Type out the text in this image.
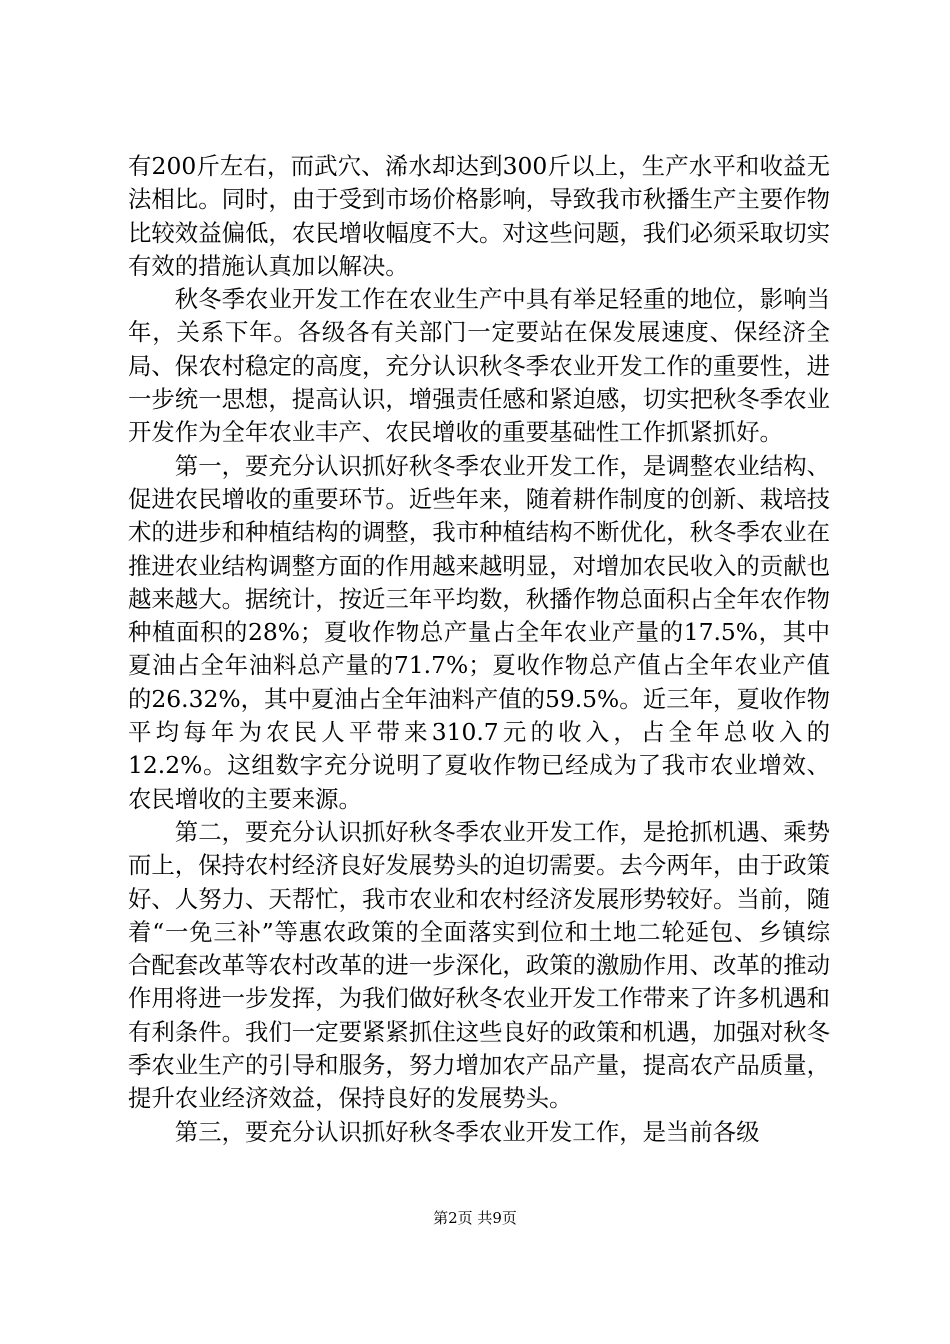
有200斤左右，而武穴、浠水却达到300斤以上，生产水平和收益无法相比。同时，由于受到市场价格影响，导致我市秋播生产主要作物比较效益偏低，农民增收幅度不大。对这些问题，我们必须采取切实有效的措施认真加以解决。

秋冬季农业开发工作在农业生产中具有举足轻重的地位，影响当年，关系下年。各级各有关部门一定要站在保发展速度、保经济全局、保农村稳定的高度，充分认识秋冬季农业开发工作的重要性，进一步统一思想，提高认识，增强责任感和紧迫感，切实把秋冬季农业开发作为全年农业丰产、农民增收的重要基础性工作抓紧抓好。

第一，要充分认识抓好秋冬季农业开发工作，是调整农业结构、促进农民增收的重要环节。近些年来，随着耕作制度的创新、栽培技术的进步和种植结构的调整，我市种植结构不断优化，秋冬季农业在推进农业结构调整方面的作用越来越明显，对增加农民收入的贡献也越来越大。据统计，按近三年平均数，秋播作物总面积占全年农作物种植面积的28%；夏收作物总产量占全年农业产量的17.5%，其中夏油占全年油料总产量的71.7%；夏收作物总产值占全年农业产值的26.32%，其中夏油占全年油料产值的59.5%。近三年，夏收作物平均每年为农民人平带来310.7元的收入，占全年总收入的12.2%。这组数字充分说明了夏收作物已经成为了我市农业增效、农民增收的主要来源。

第二，要充分认识抓好秋冬季农业开发工作，是抢抓机遇、乘势而上，保持农村经济良好发展势头的迫切需要。去今两年，由于政策好、人努力、天帮忙，我市农业和农村经济发展形势较好。当前，随着“一免三补”等惠农政策的全面落实到位和土地二轮延包、乡镇综合配套改革等农村改革的进一步深化，政策的激励作用、改革的推动作用将进一步发挥，为我们做好秋冬农业开发工作带来了许多机遇和有利条件。我们一定要紧紧抓住这些良好的政策和机遇，加强对秋冬季农业生产的引导和服务，努力增加农产品产量，提高农产品质量，提升农业经济效益，保持良好的发展势头。

第三，要充分认识抓好秋冬季农业开发工作，是当前各级

第2页 共9页
